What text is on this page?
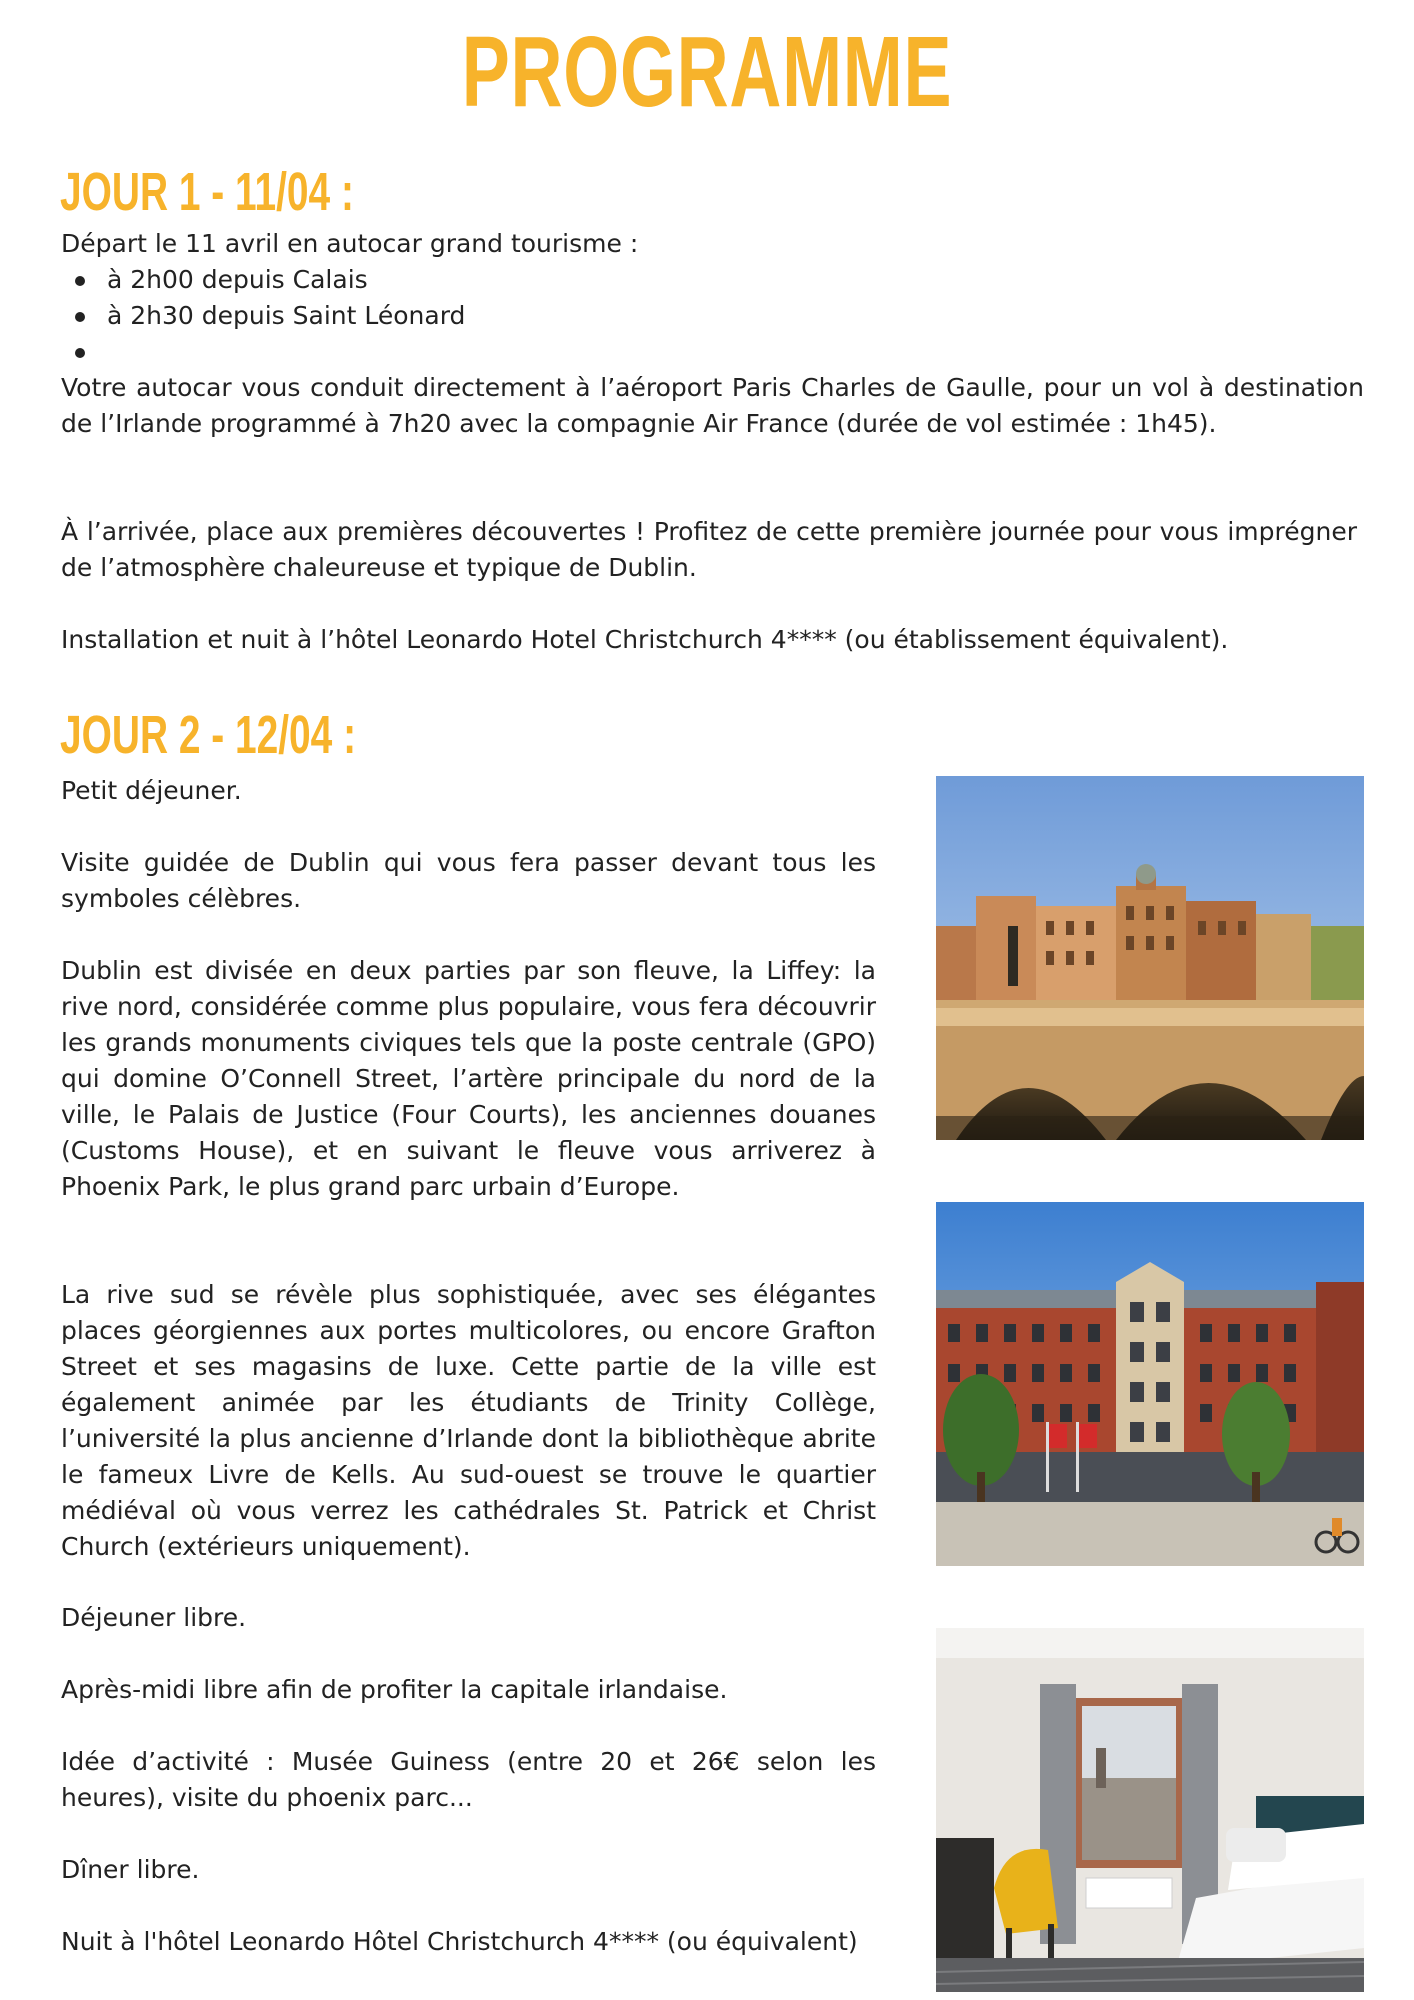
PROGRAMME
JOUR 1 - 11/04 :
Départ le 11 avril en autocar grand tourisme :
à 2h00 depuis Calais
à 2h30 depuis Saint Léonard
Votre autocar vous conduit directement à l’aéroport Paris Charles de Gaulle, pour un vol à destination de l’Irlande programmé à 7h20 avec la compagnie Air France (durée de vol estimée : 1h45).
À l’arrivée, place aux premières découvertes ! Profitez de cette première journée pour vous imprégner de l’atmosphère chaleureuse et typique de Dublin.
Installation et nuit à l’hôtel Leonardo Hotel Christchurch 4**** (ou établissement équivalent).
JOUR 2 - 12/04 :
Petit déjeuner.
Visite guidée de Dublin qui vous fera passer devant tous les symboles célèbres.
Dublin est divisée en deux parties par son fleuve, la Liffey: la rive nord, considérée comme plus populaire, vous fera découvrir les grands monuments civiques tels que la poste centrale (GPO) qui domine O’Connell Street, l’artère principale du nord de la ville, le Palais de Justice (Four Courts), les anciennes douanes (Customs House), et en suivant le fleuve vous arriverez à Phoenix Park, le plus grand parc urbain d’Europe.
La rive sud se révèle plus sophistiquée, avec ses élégantes places géorgiennes aux portes multicolores, ou encore Grafton Street et ses magasins de luxe. Cette partie de la ville est également animée par les étudiants de Trinity Collège, l’université la plus ancienne d’Irlande dont la bibliothèque abrite le fameux Livre de Kells. Au sud-ouest se trouve le quartier médiéval où vous verrez les cathédrales St. Patrick et Christ Church (extérieurs uniquement).
Déjeuner libre.
Après-midi libre afin de profiter la capitale irlandaise.
Idée d’activité : Musée Guiness (entre 20 et 26€ selon les heures), visite du phoenix parc...
Dîner libre.
Nuit à l'hôtel Leonardo Hôtel Christchurch 4**** (ou équivalent)
